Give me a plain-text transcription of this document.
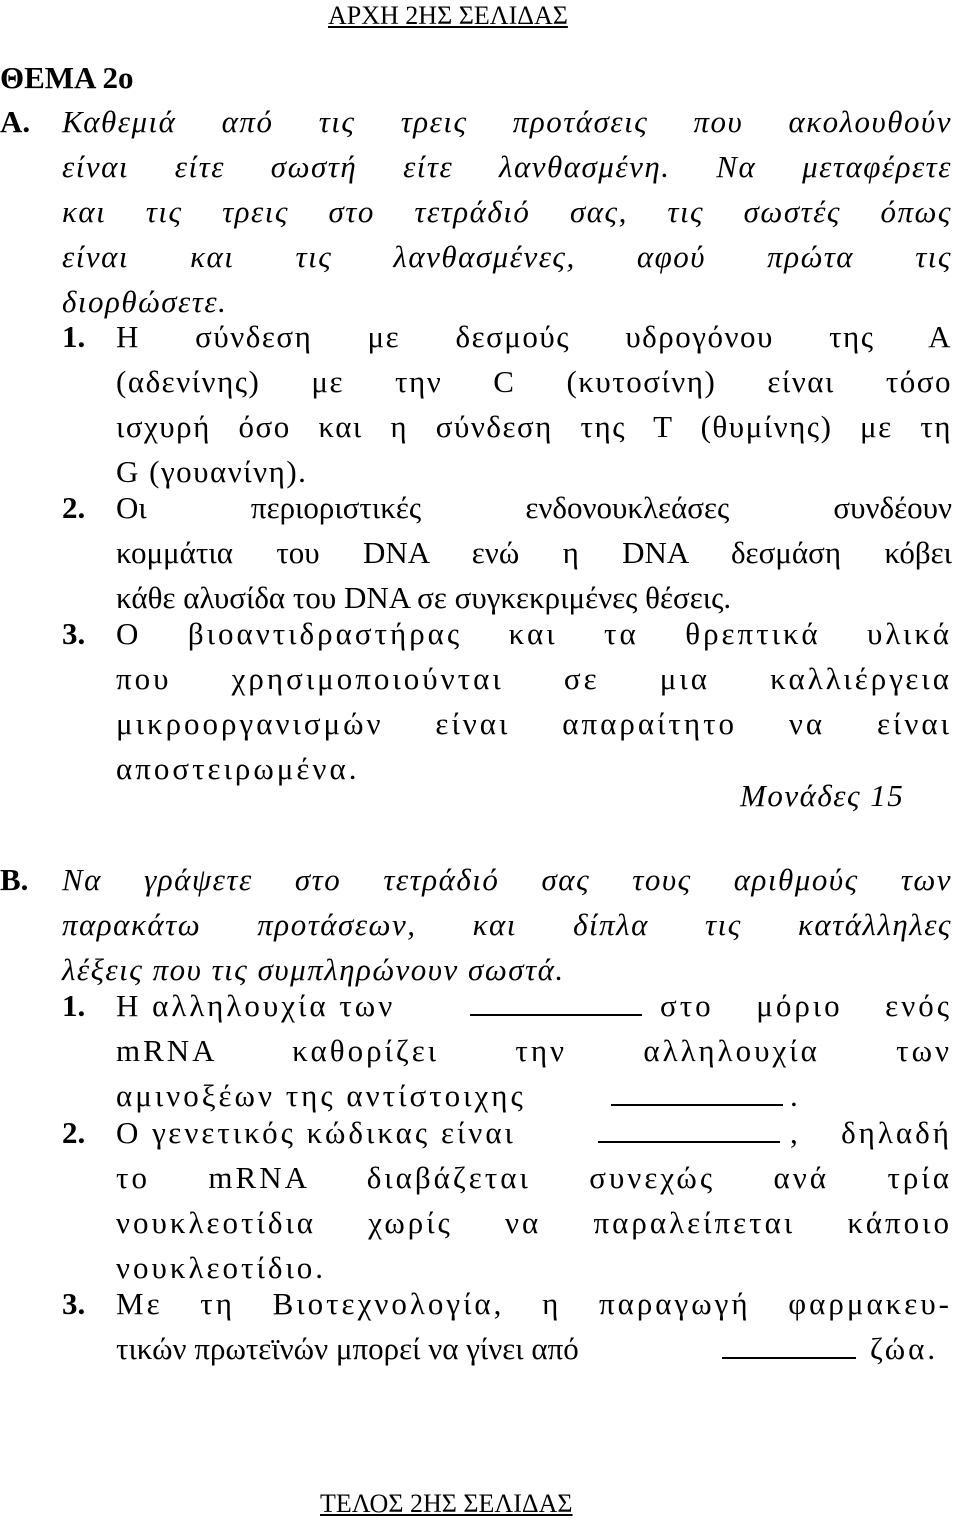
ΑΡΧΗ 2ΗΣ ΣΕΛΙΔΑΣ
ΘΕΜΑ 2ο
Α. Καθεμιά από τις τρεις προτάσεις που ακολουθούν
είναι είτε σωστή είτε λανθασμένη. Να μεταφέρετε
και τις τρεις στο τετράδιό σας, τις σωστές όπως
είναι και τις λανθασμένες, αφού πρώτα τις
διορθώσετε.
1. Η σύνδεση με δεσμούς υδρογόνου της Α
(αδενίνης) με την C (κυτοσίνη) είναι τόσο
ισχυρή όσο και η σύνδεση της Τ (θυμίνης) με τη
G (γουανίνη).
2. Οι περιοριστικές ενδονουκλεάσες συνδέουν
κομμάτια του DNA ενώ η DNA δεσμάση κόβει
κάθε αλυσίδα του DNA σε συγκεκριμένες θέσεις.
3. Ο βιοαντιδραστήρας και τα θρεπτικά υλικά
που χρησιμοποιούνται σε μια καλλιέργεια
μικροοργανισμών είναι απαραίτητο να είναι
αποστειρωμένα.
Μονάδες 15
Β. Να γράψετε στο τετράδιό σας τους αριθμούς των
παρακάτω προτάσεων, και δίπλα τις κατάλληλες
λέξεις που τις συμπληρώνουν σωστά.
1. Η αλληλουχία των	στο μόριο ενός
mRNA καθορίζει την αλληλουχία των
αμινοξέων της αντίστοιχης	.
2. Ο γενετικός κώδικας είναι	, δηλαδή
το mRNA διαβάζεται συνεχώς ανά τρία
νουκλεοτίδια χωρίς να παραλείπεται κάποιο
νουκλεοτίδιο.
3. Με τη Βιοτεχνολογία, η παραγωγή φαρμακευ-
τικών πρωτεϊνών μπορεί να γίνει από	ζώα.
ΤΕΛΟΣ 2ΗΣ ΣΕΛΙΔΑΣ
